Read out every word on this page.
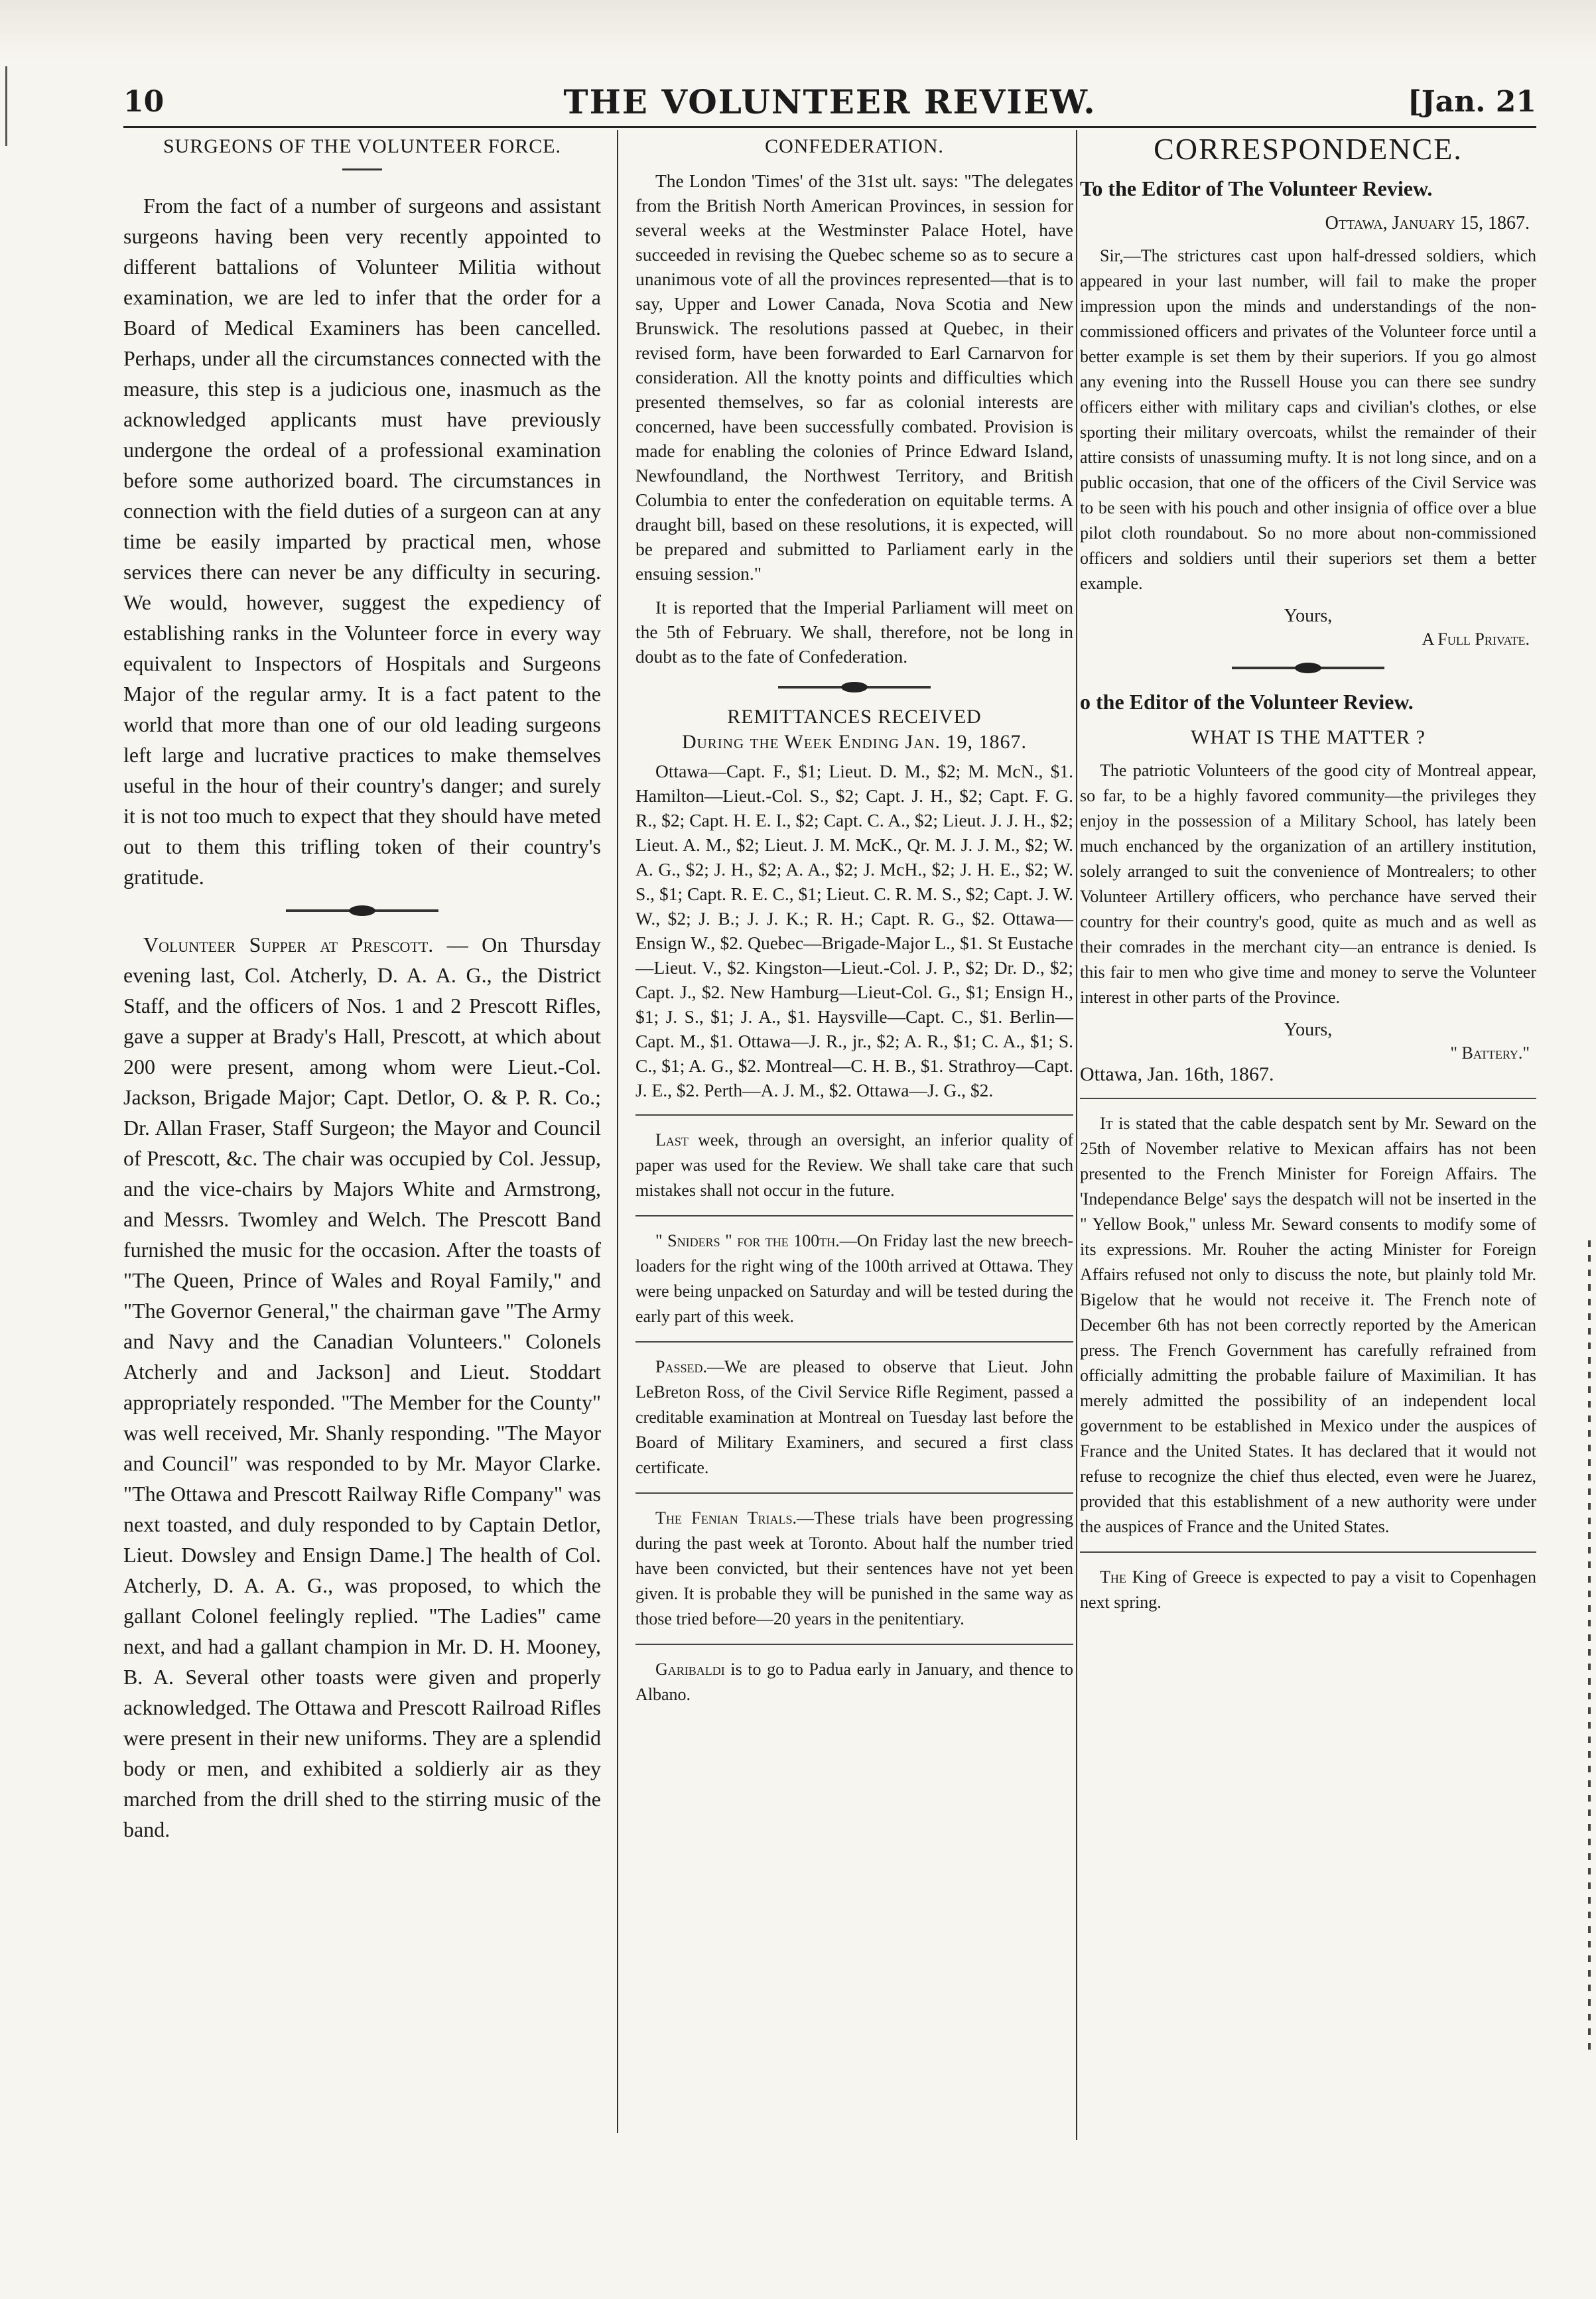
10	THE VOLUNTEER REVIEW.	[Jan. 21
SURGEONS OF THE VOLUNTEER FORCE.

From the fact of a number of surgeons and assistant surgeons having been very recently appointed to different battalions of Volunteer Militia without examination, we are led to infer that the order for a Board of Medical Examiners has been cancelled. Perhaps, under all the circumstances connected with the measure, this step is a judicious one, inasmuch as the acknowledged applicants must have previously undergone the ordeal of a professional examination before some authorized board. The circumstances in connection with the field duties of a surgeon can at any time be easily imparted by practical men, whose services there can never be any difficulty in securing. We would, however, suggest the expediency of establishing ranks in the Volunteer force in every way equivalent to Inspectors of Hospitals and Surgeons Major of the regular army. It is a fact patent to the world that more than one of our old leading surgeons left large and lucrative practices to make themselves useful in the hour of their country's danger; and surely it is not too much to expect that they should have meted out to them this trifling token of their country's gratitude.

Volunteer Supper at Prescott. — On Thursday evening last, Col. Atcherly, D. A. A. G., the District Staff, and the officers of Nos. 1 and 2 Prescott Rifles, gave a supper at Brady's Hall, Prescott, at which about 200 were present, among whom were Lieut.-Col. Jackson, Brigade Major; Capt. Detlor, O. & P. R. Co.; Dr. Allan Fraser, Staff Surgeon; the Mayor and Council of Prescott, &c. The chair was occupied by Col. Jessup, and the vice-chairs by Majors White and Armstrong, and Messrs. Twomley and Welch. The Prescott Band furnished the music for the occasion. After the toasts of "The Queen, Prince of Wales and Royal Family," and "The Governor General," the chairman gave "The Army and Navy and the Canadian Volunteers." Colonels Atcherly and and Jackson] and Lieut. Stoddart appropriately responded. "The Member for the County" was well received, Mr. Shanly responding. "The Mayor and Council" was responded to by Mr. Mayor Clarke. "The Ottawa and Prescott Railway Rifle Company" was next toasted, and duly responded to by Captain Detlor, Lieut. Dowsley and Ensign Dame.] The health of Col. Atcherly, D. A. A. G., was proposed, to which the gallant Colonel feelingly replied. "The Ladies" came next, and had a gallant champion in Mr. D. H. Mooney, B. A. Several other toasts were given and properly acknowledged. The Ottawa and Prescott Railroad Rifles were present in their new uniforms. They are a splendid body or men, and exhibited a soldierly air as they marched from the drill shed to the stirring music of the band.

CONFEDERATION.

The London 'Times' of the 31st ult. says: "The delegates from the British North American Provinces, in session for several weeks at the Westminster Palace Hotel, have succeeded in revising the Quebec scheme so as to secure a unanimous vote of all the provinces represented—that is to say, Upper and Lower Canada, Nova Scotia and New Brunswick. The resolutions passed at Quebec, in their revised form, have been forwarded to Earl Carnarvon for consideration. All the knotty points and difficulties which presented themselves, so far as colonial interests are concerned, have been successfully combated. Provision is made for enabling the colonies of Prince Edward Island, Newfoundland, the Northwest Territory, and British Columbia to enter the confederation on equitable terms. A draught bill, based on these resolutions, it is expected, will be prepared and submitted to Parliament early in the ensuing session."

It is reported that the Imperial Parliament will meet on the 5th of February. We shall, therefore, not be long in doubt as to the fate of Confederation.

REMITTANCES RECEIVED
During the Week Ending Jan. 19, 1867.

Ottawa—Capt. F., $1; Lieut. D. M., $2; M. McN., $1. Hamilton—Lieut.-Col. S., $2; Capt. J. H., $2; Capt. F. G. R., $2; Capt. H. E. I., $2; Capt. C. A., $2; Lieut. J. J. H., $2; Lieut. A. M., $2; Lieut. J. M. McK., Qr. M. J. J. M., $2; W. A. G., $2; J. H., $2; A. A., $2; J. McH., $2; J. H. E., $2; W. S., $1; Capt. R. E. C., $1; Lieut. C. R. M. S., $2; Capt. J. W. W., $2; J. B.; J. J. K.; R. H.; Capt. R. G., $2. Ottawa—Ensign W., $2. Quebec—Brigade-Major L., $1. St Eustache—Lieut. V., $2. Kingston—Lieut.-Col. J. P., $2; Dr. D., $2; Capt. J., $2. New Hamburg—Lieut-Col. G., $1; Ensign H., $1; J. S., $1; J. A., $1. Haysville—Capt. C., $1. Berlin—Capt. M., $1. Ottawa—J. R., jr., $2; A. R., $1; C. A., $1; S. C., $1; A. G., $2. Montreal—C. H. B., $1. Strathroy—Capt. J. E., $2. Perth—A. J. M., $2. Ottawa—J. G., $2.

Last week, through an oversight, an inferior quality of paper was used for the Review. We shall take care that such mistakes shall not occur in the future.

" Sniders " for the 100th.—On Friday last the new breech-loaders for the right wing of the 100th arrived at Ottawa. They were being unpacked on Saturday and will be tested during the early part of this week.

Passed.—We are pleased to observe that Lieut. John LeBreton Ross, of the Civil Service Rifle Regiment, passed a creditable examination at Montreal on Tuesday last before the Board of Military Examiners, and secured a first class certificate.

The Fenian Trials.—These trials have been progressing during the past week at Toronto. About half the number tried have been convicted, but their sentences have not yet been given. It is probable they will be punished in the same way as those tried before—20 years in the penitentiary.

Garibaldi is to go to Padua early in January, and thence to Albano.

CORRESPONDENCE.

To the Editor of The Volunteer Review.

Ottawa, January 15, 1867.

Sir,—The strictures cast upon half-dressed soldiers, which appeared in your last number, will fail to make the proper impression upon the minds and understandings of the non-commissioned officers and privates of the Volunteer force until a better example is set them by their superiors. If you go almost any evening into the Russell House you can there see sundry officers either with military caps and civilian's clothes, or else sporting their military overcoats, whilst the remainder of their attire consists of unassuming mufty. It is not long since, and on a public occasion, that one of the officers of the Civil Service was to be seen with his pouch and other insignia of office over a blue pilot cloth roundabout. So no more about non-commissioned officers and soldiers until their superiors set them a better example.

Yours,
A Full Private.

o the Editor of the Volunteer Review.

WHAT IS THE MATTER ?

The patriotic Volunteers of the good city of Montreal appear, so far, to be a highly favored community—the privileges they enjoy in the possession of a Military School, has lately been much enchanced by the organization of an artillery institution, solely arranged to suit the convenience of Montrealers; to other Volunteer Artillery officers, who perchance have served their country for their country's good, quite as much and as well as their comrades in the merchant city—an entrance is denied. Is this fair to men who give time and money to serve the Volunteer interest in other parts of the Province.

Yours,
" Battery."
Ottawa, Jan. 16th, 1867.

It is stated that the cable despatch sent by Mr. Seward on the 25th of November relative to Mexican affairs has not been presented to the French Minister for Foreign Affairs. The 'Independance Belge' says the despatch will not be inserted in the " Yellow Book," unless Mr. Seward consents to modify some of its expressions. Mr. Rouher the acting Minister for Foreign Affairs refused not only to discuss the note, but plainly told Mr. Bigelow that he would not receive it. The French note of December 6th has not been correctly reported by the American press. The French Government has carefully refrained from officially admitting the probable failure of Maximilian. It has merely admitted the possibility of an independent local government to be established in Mexico under the auspices of France and the United States. It has declared that it would not refuse to recognize the chief thus elected, even were he Juarez, provided that this establishment of a new authority were under the auspices of France and the United States.

The King of Greece is expected to pay a visit to Copenhagen next spring.
